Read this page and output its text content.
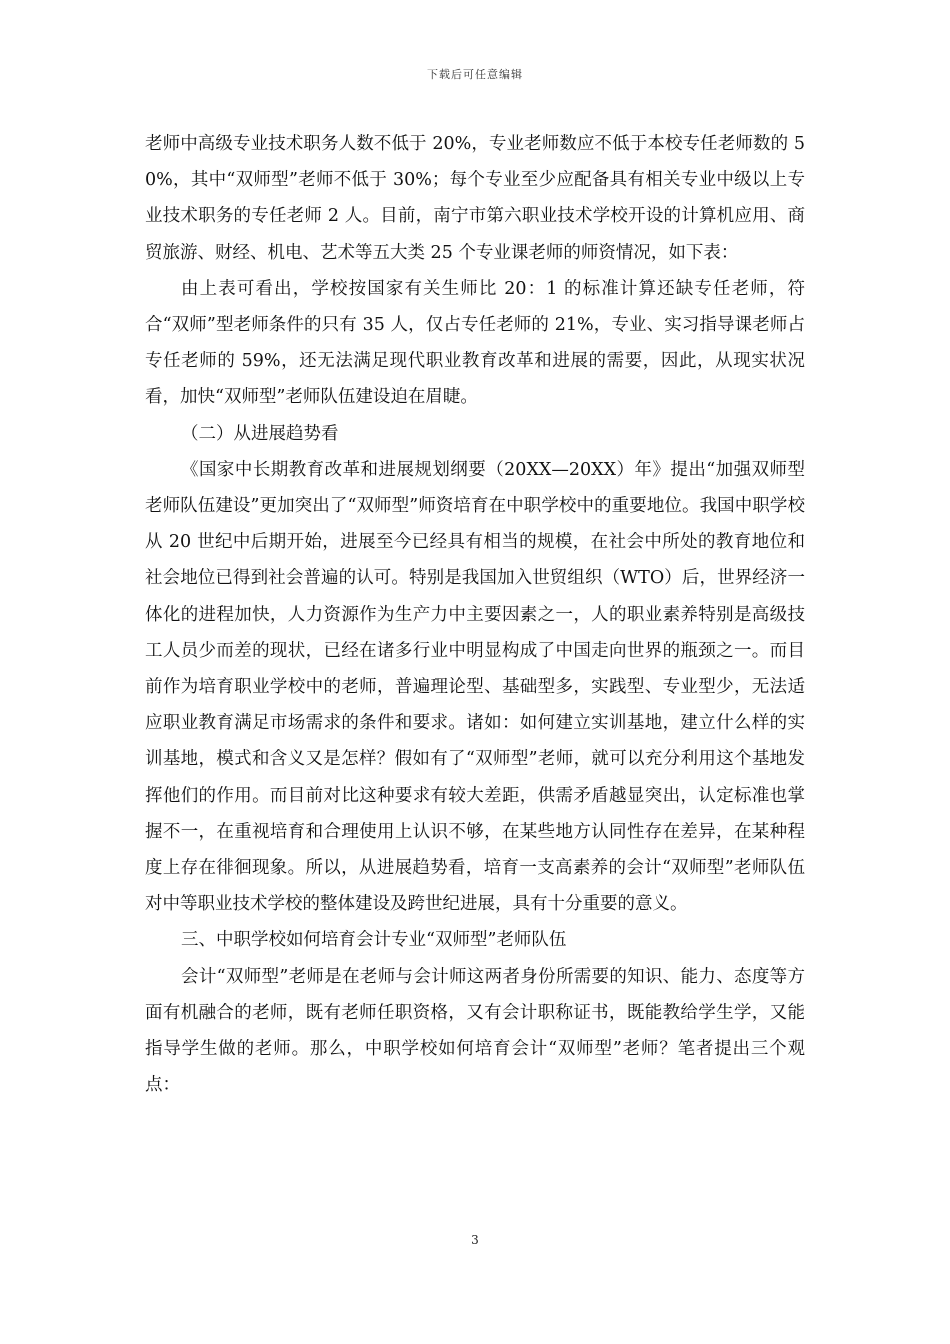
下载后可任意编辑

老师中高级专业技术职务人数不低于 20%，专业老师数应不低于本校专任老师数的 50%，其中“双师型”老师不低于 30%；每个专业至少应配备具有相关专业中级以上专业技术职务的专任老师 2 人。目前，南宁市第六职业技术学校开设的计算机应用、商贸旅游、财经、机电、艺术等五大类 25 个专业课老师的师资情况，如下表：

由上表可看出，学校按国家有关生师比 20：1 的标准计算还缺专任老师，符合“双师”型老师条件的只有 35 人，仅占专任老师的 21%，专业、实习指导课老师占专任老师的 59%，还无法满足现代职业教育改革和进展的需要，因此，从现实状况看，加快“双师型”老师队伍建设迫在眉睫。

（二）从进展趋势看

《国家中长期教育改革和进展规划纲要（20XX—20XX）年》提出“加强双师型老师队伍建设”更加突出了“双师型”师资培育在中职学校中的重要地位。我国中职学校从 20 世纪中后期开始，进展至今已经具有相当的规模，在社会中所处的教育地位和社会地位已得到社会普遍的认可。特别是我国加入世贸组织（WTO）后，世界经济一体化的进程加快，人力资源作为生产力中主要因素之一，人的职业素养特别是高级技工人员少而差的现状，已经在诸多行业中明显构成了中国走向世界的瓶颈之一。而目前作为培育职业学校中的老师，普遍理论型、基础型多，实践型、专业型少，无法适应职业教育满足市场需求的条件和要求。诸如：如何建立实训基地，建立什么样的实训基地，模式和含义又是怎样？假如有了“双师型”老师，就可以充分利用这个基地发挥他们的作用。而目前对比这种要求有较大差距，供需矛盾越显突出，认定标准也掌握不一，在重视培育和合理使用上认识不够，在某些地方认同性存在差异，在某种程度上存在徘徊现象。所以，从进展趋势看，培育一支高素养的会计“双师型”老师队伍对中等职业技术学校的整体建设及跨世纪进展，具有十分重要的意义。

三、中职学校如何培育会计专业“双师型”老师队伍

会计“双师型”老师是在老师与会计师这两者身份所需要的知识、能力、态度等方面有机融合的老师，既有老师任职资格，又有会计职称证书，既能教给学生学，又能指导学生做的老师。那么，中职学校如何培育会计“双师型”老师？笔者提出三个观点：

3
